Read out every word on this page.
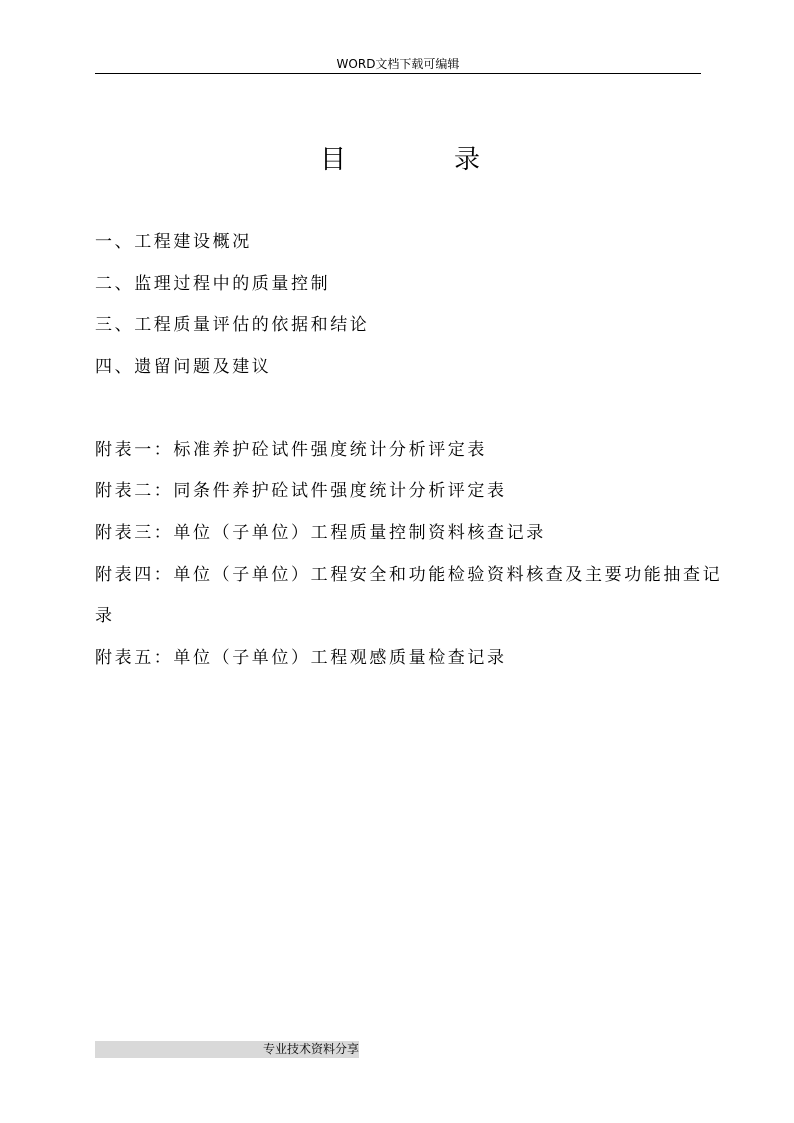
WORD文档下载可编辑
目	录
一、工程建设概况
二、监理过程中的质量控制
三、工程质量评估的依据和结论
四、遗留问题及建议
附表一：标准养护砼试件强度统计分析评定表
附表二：同条件养护砼试件强度统计分析评定表
附表三：单位（子单位）工程质量控制资料核查记录
附表四：单位（子单位）工程安全和功能检验资料核查及主要功能抽查记
录
附表五：单位（子单位）工程观感质量检查记录
专业技术资料分享
